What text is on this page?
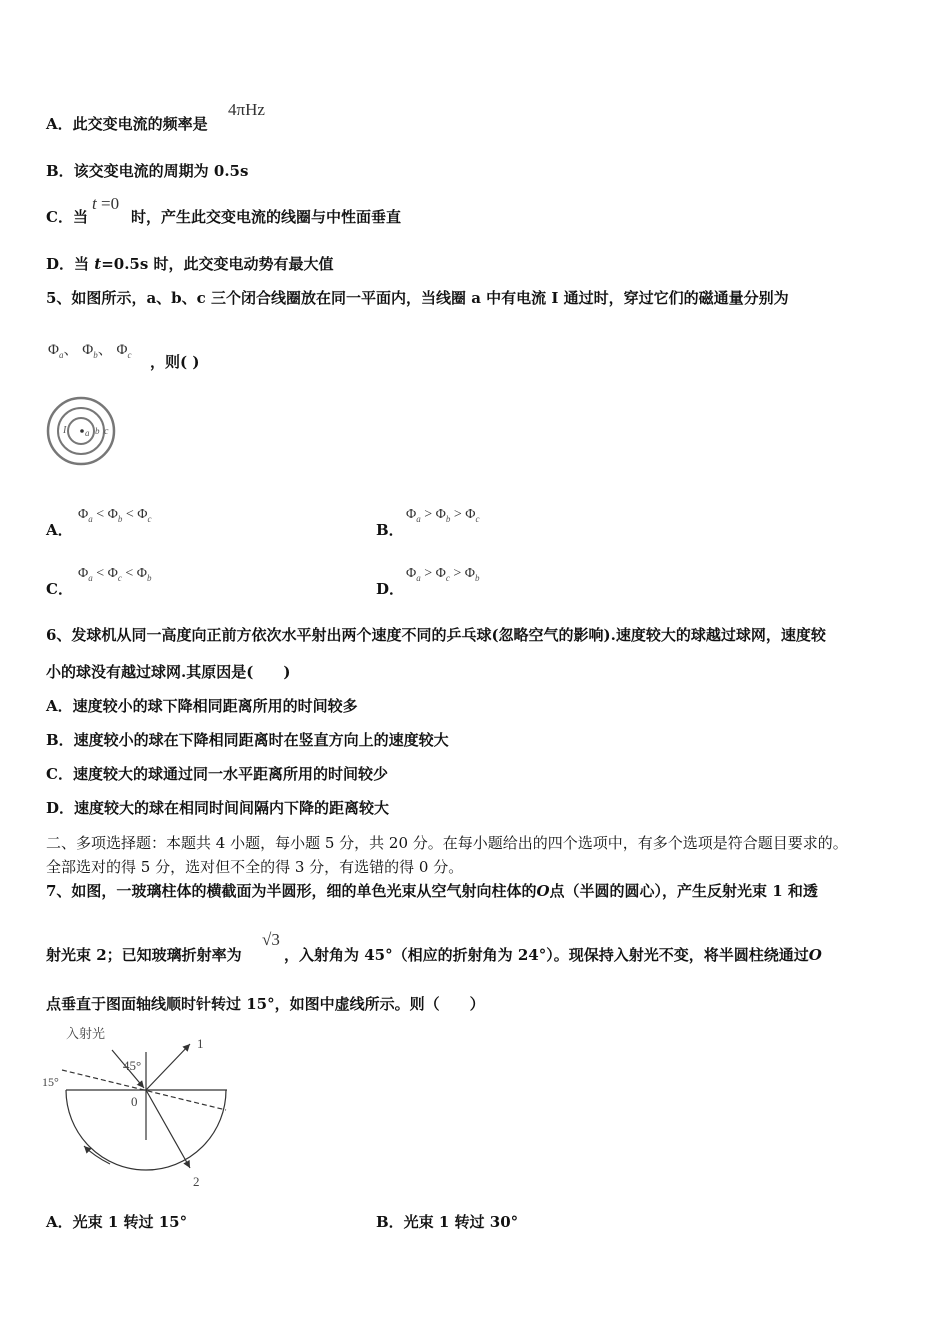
A．此交变电流的频率是
4πHz
B．该交变电流的周期为 0.5s
C．当
t =0
时，产生此交变电流的线圈与中性面垂直
D．当 t=0.5s 时，此交变电动势有最大值
5、如图所示，a、b、c 三个闭合线圈放在同一平面内，当线圈 a 中有电流 I 通过时，穿过它们的磁通量分别为
$\Phi_a$、 $\Phi_b$、 $\Phi_c$ ，则( )
I a b c
A．
$\Phi_a < \Phi_b < \Phi_c$
B．
$\Phi_a > \Phi_b > \Phi_c$
C．
$\Phi_a < \Phi_c < \Phi_b$
D．
$\Phi_a > \Phi_c > \Phi_b$
6、发球机从同一高度向正前方依次水平射出两个速度不同的乒乓球(忽略空气的影响).速度较大的球越过球网，速度较
小的球没有越过球网.其原因是(　　)
A．速度较小的球下降相同距离所用的时间较多
B．速度较小的球在下降相同距离时在竖直方向上的速度较大
C．速度较大的球通过同一水平距离所用的时间较少
D．速度较大的球在相同时间间隔内下降的距离较大
二、多项选择题：本题共 4 小题，每小题 5 分，共 20 分。在每小题给出的四个选项中，有多个选项是符合题目要求的。
全部选对的得 5 分，选对但不全的得 3 分，有选错的得 0 分。
7、如图，一玻璃柱体的横截面为半圆形，细的单色光束从空气射向柱体的O点（半圆的圆心），产生反射光束 1 和透
射光束 2；已知玻璃折射率为
√3
，入射角为 45°（相应的折射角为 24°）。现保持入射光不变，将半圆柱绕通过O
点垂直于图面轴线顺时针转过 15°，如图中虚线所示。则（　　）
入射光
45°
15°
0
1
2
A．光束 1 转过 15°	B．光束 1 转过 30°
